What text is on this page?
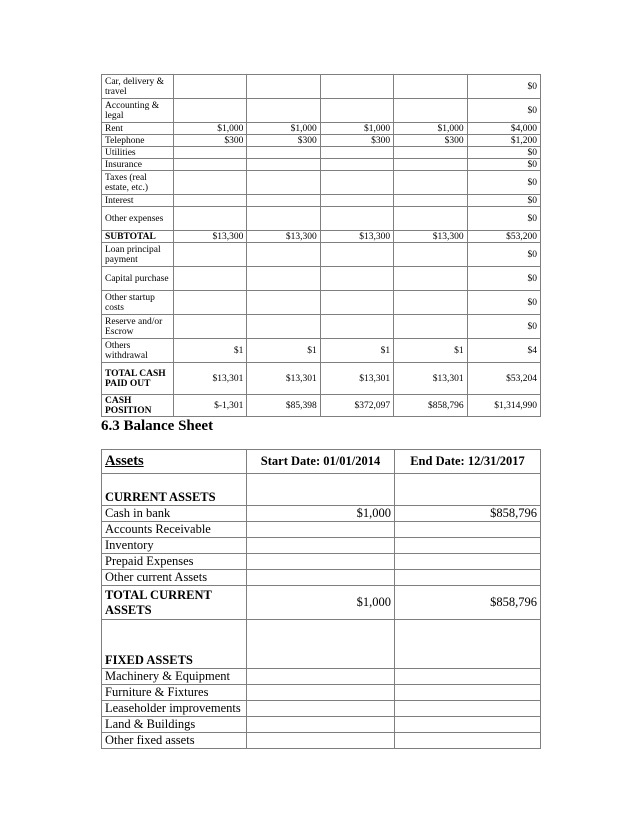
Car, delivery & travel					$0
Accounting & legal					$0
Rent	$1,000	$1,000	$1,000	$1,000	$4,000
Telephone	$300	$300	$300	$300	$1,200
Utilities					$0
Insurance					$0
Taxes (real estate, etc.)					$0
Interest					$0
Other expenses					$0
SUBTOTAL	$13,300	$13,300	$13,300	$13,300	$53,200
Loan principal payment					$0
Capital purchase					$0
Other startup costs					$0
Reserve and/or Escrow					$0
Others withdrawal	$1	$1	$1	$1	$4
TOTAL CASH PAID OUT	$13,301	$13,301	$13,301	$13,301	$53,204
CASH POSITION	$-1,301	$85,398	$372,097	$858,796	$1,314,990
6.3 Balance Sheet
Assets	Start Date: 01/01/2014	End Date: 12/31/2017
CURRENT ASSETS		
Cash in bank	$1,000	$858,796
Accounts Receivable		
Inventory		
Prepaid Expenses		
Other current Assets		
TOTAL CURRENT ASSETS	$1,000	$858,796
FIXED ASSETS		
Machinery & Equipment		
Furniture & Fixtures		
Leaseholder improvements		
Land & Buildings		
Other fixed assets		
